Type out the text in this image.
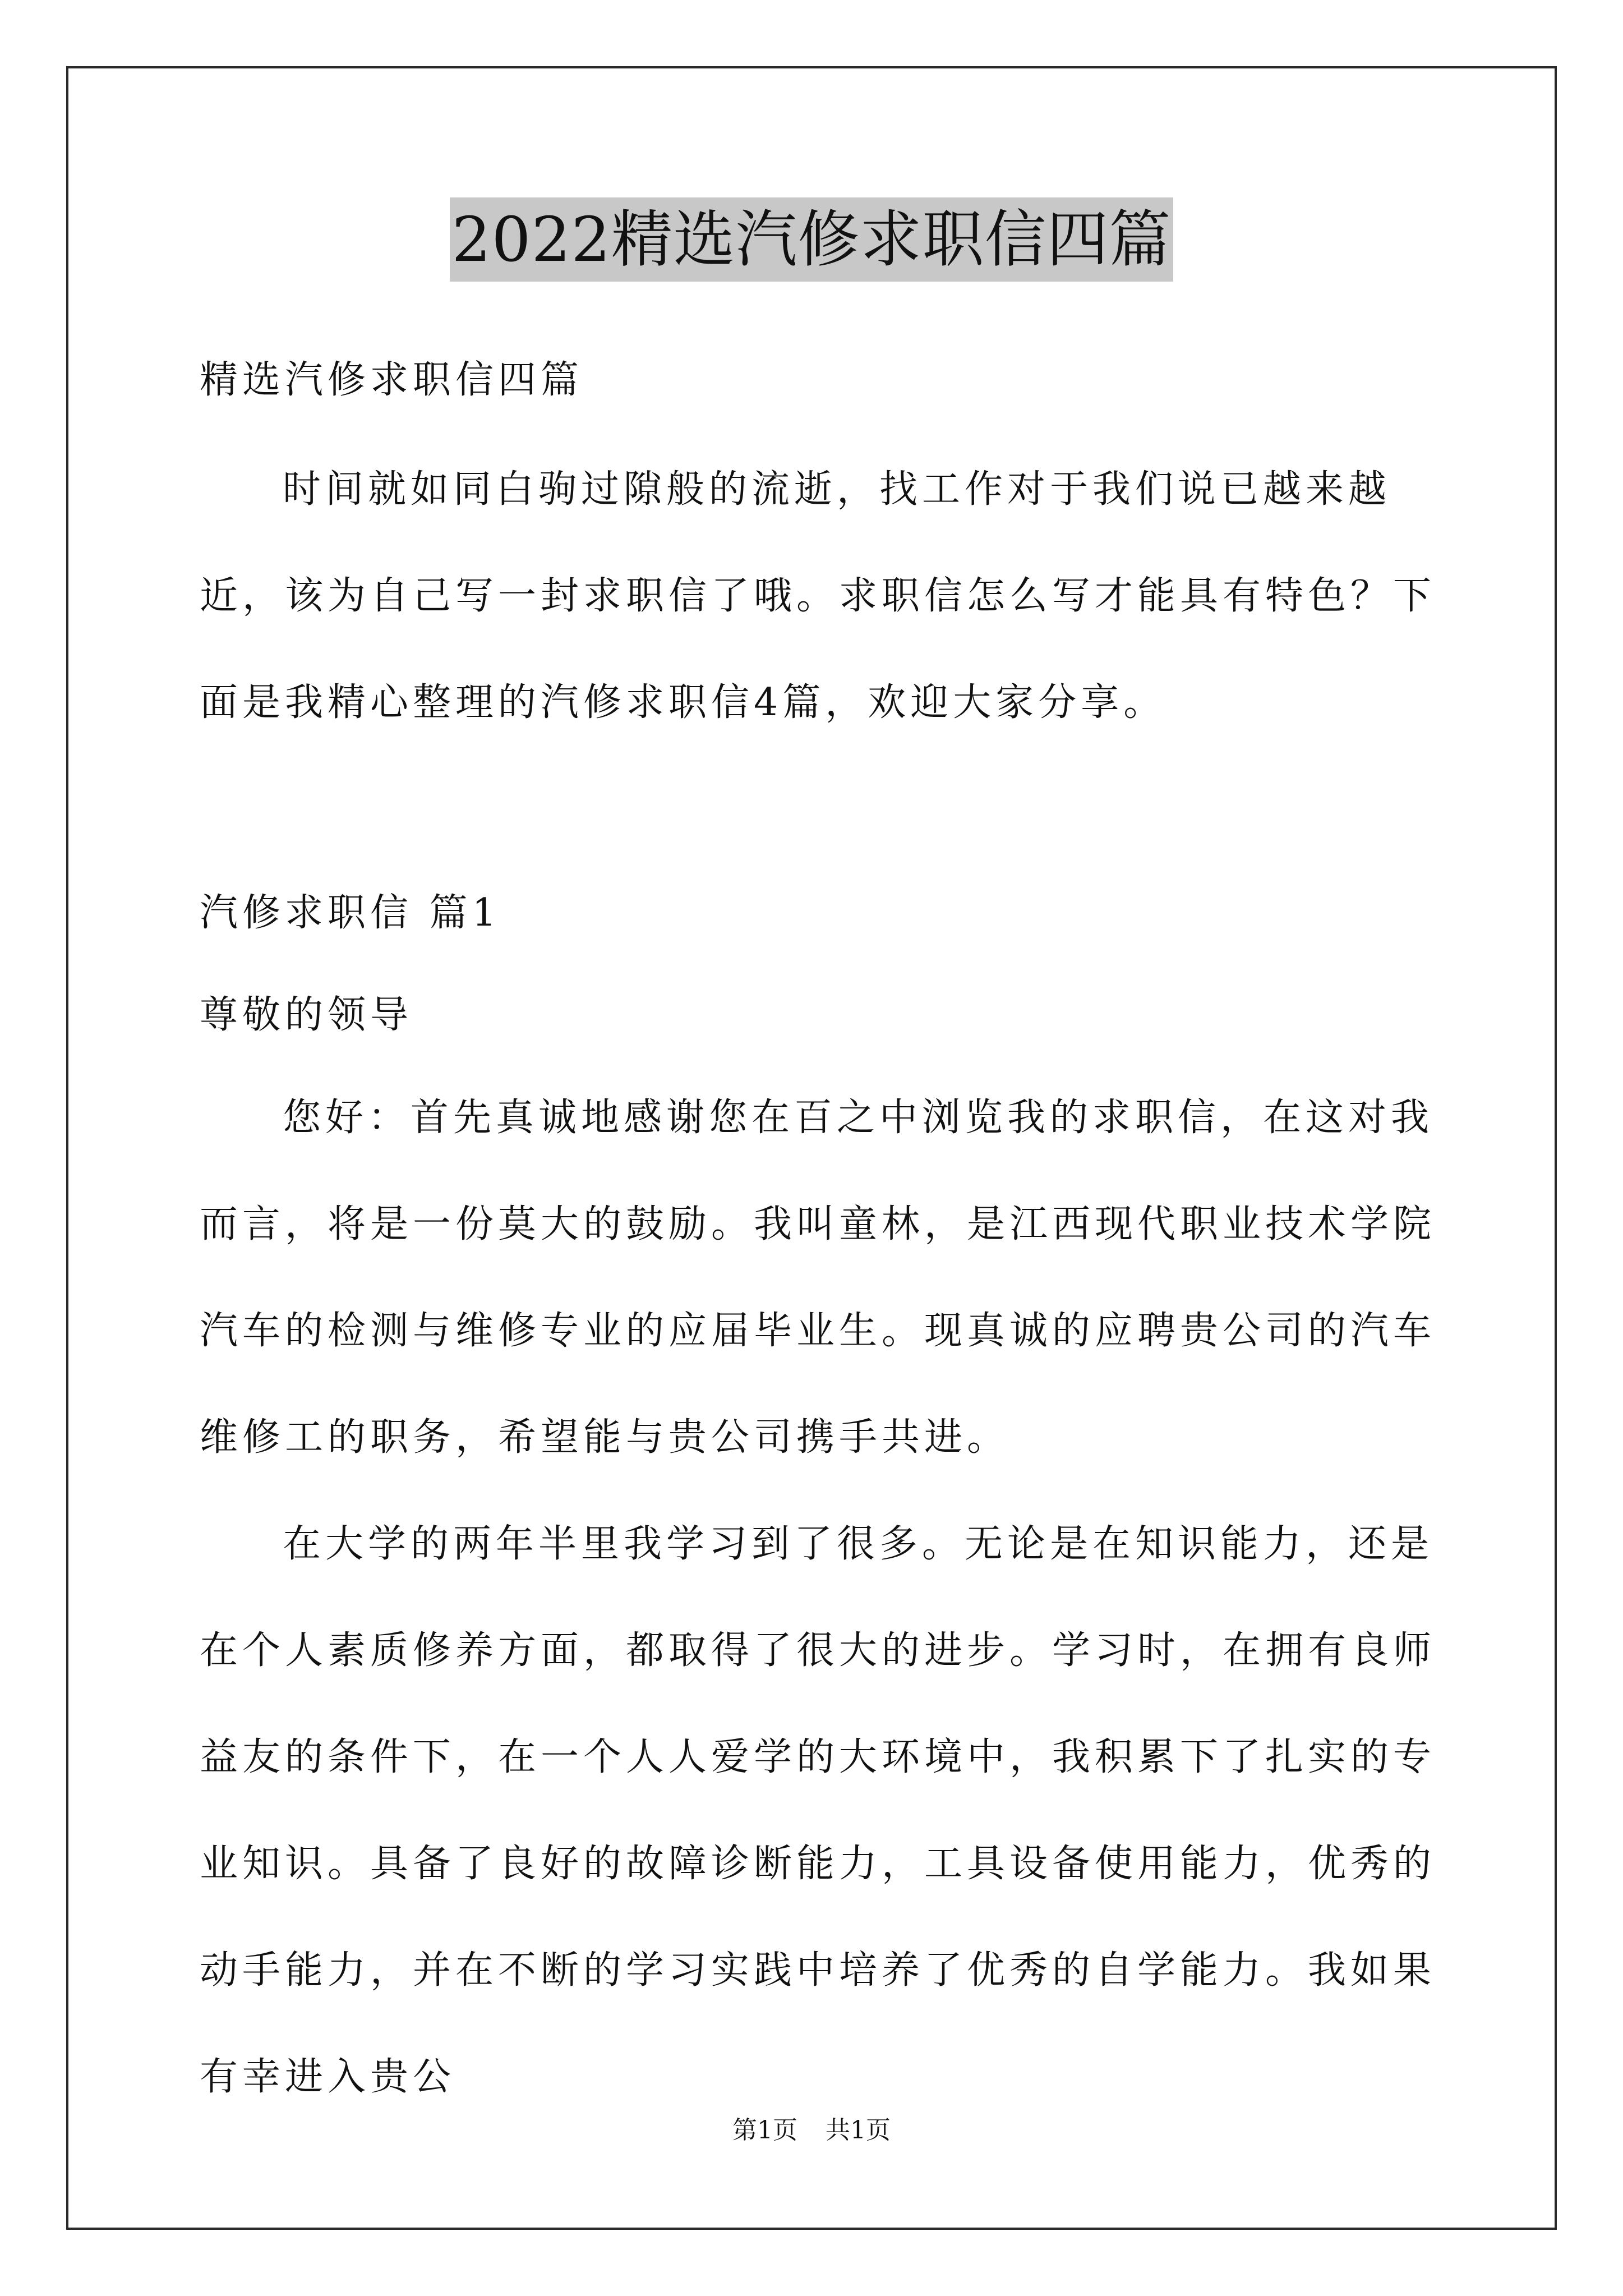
2022精选汽修求职信四篇
精选汽修求职信四篇
时间就如同白驹过隙般的流逝，找工作对于我们说已越来越近，该为自己写一封求职信了哦。求职信怎么写才能具有特色？下面是我精心整理的汽修求职信4篇，欢迎大家分享。
汽修求职信 篇1
尊敬的领导
您好：首先真诚地感谢您在百之中浏览我的求职信，在这对我而言，将是一份莫大的鼓励。我叫童林，是江西现代职业技术学院汽车的检测与维修专业的应届毕业生。现真诚的应聘贵公司的汽车维修工的职务，希望能与贵公司携手共进。
在大学的两年半里我学习到了很多。无论是在知识能力，还是在个人素质修养方面，都取得了很大的进步。学习时，在拥有良师益友的条件下，在一个人人爱学的大环境中，我积累下了扎实的专业知识。具备了良好的故障诊断能力，工具设备使用能力，优秀的动手能力，并在不断的学习实践中培养了优秀的自学能力。我如果有幸进入贵公
第1页 共1页
